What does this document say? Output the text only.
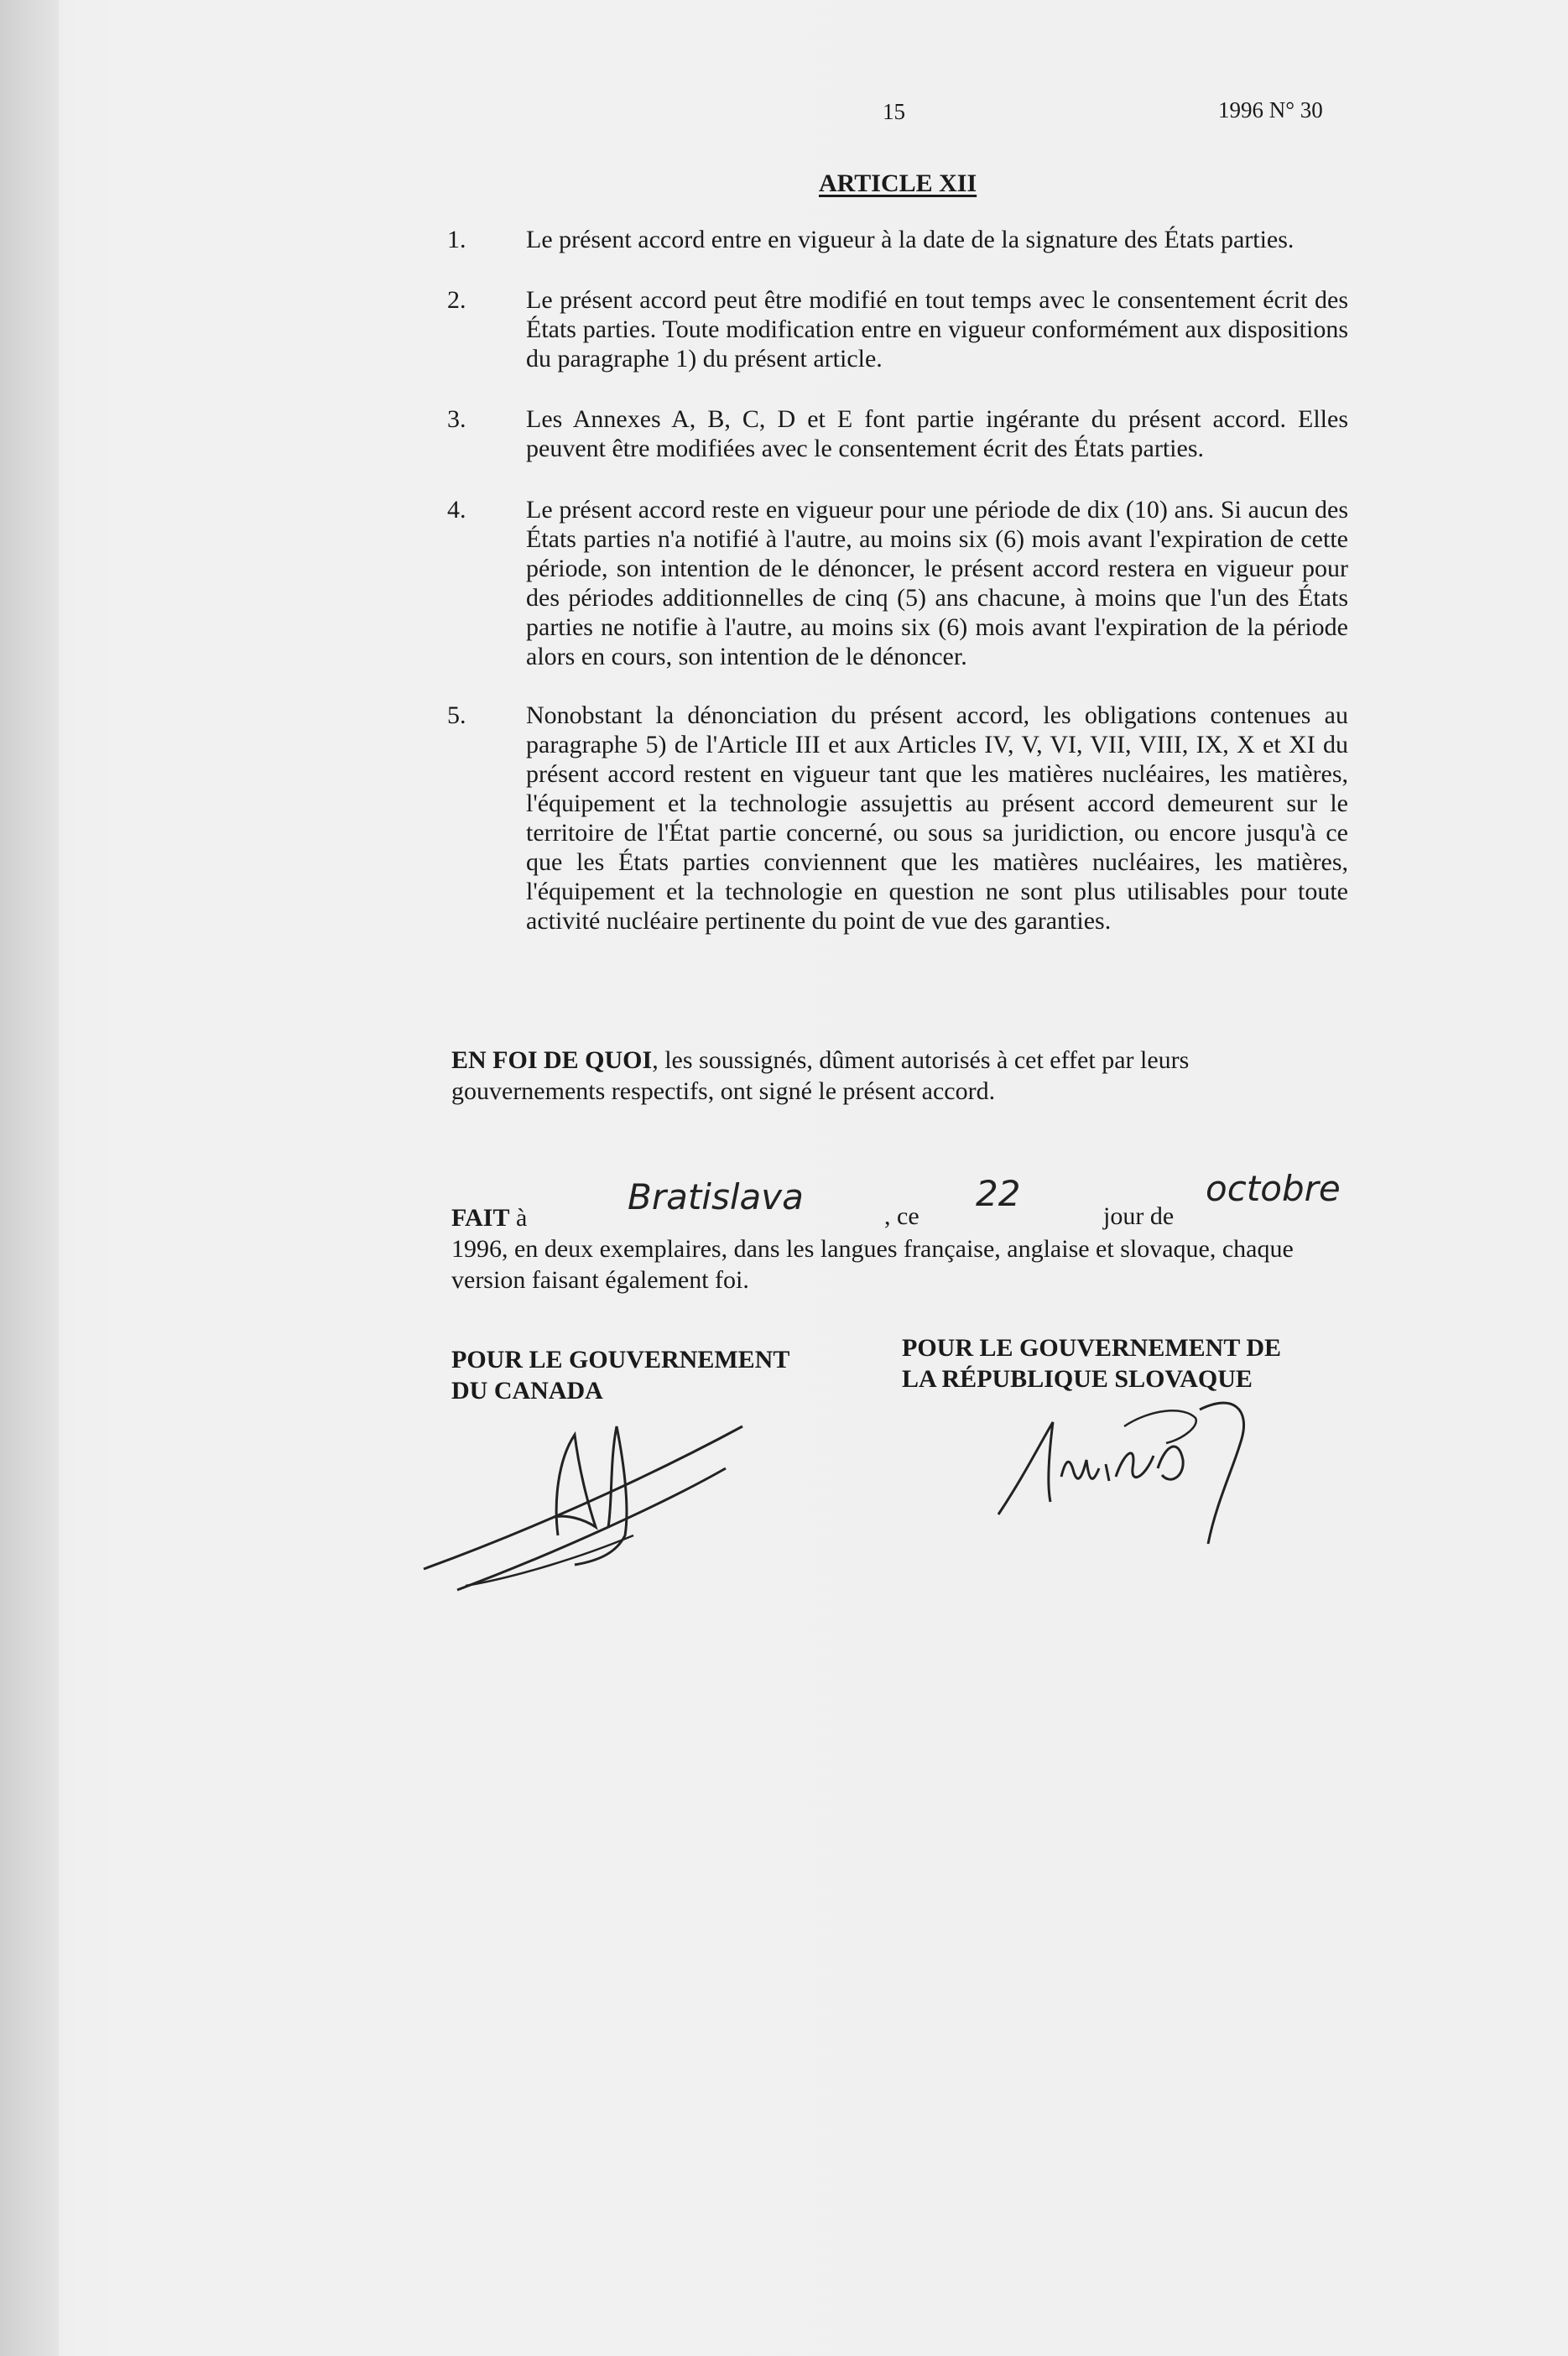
15	1996 N° 30
ARTICLE XII
1. Le présent accord entre en vigueur à la date de la signature des États parties.
2. Le présent accord peut être modifié en tout temps avec le consentement écrit des États parties. Toute modification entre en vigueur conformément aux dispositions du paragraphe 1) du présent article.
3. Les Annexes A, B, C, D et E font partie ingérante du présent accord. Elles peuvent être modifiées avec le consentement écrit des États parties.
4. Le présent accord reste en vigueur pour une période de dix (10) ans. Si aucun des États parties n'a notifié à l'autre, au moins six (6) mois avant l'expiration de cette période, son intention de le dénoncer, le présent accord restera en vigueur pour des périodes additionnelles de cinq (5) ans chacune, à moins que l'un des États parties ne notifie à l'autre, au moins six (6) mois avant l'expiration de la période alors en cours, son intention de le dénoncer.
5. Nonobstant la dénonciation du présent accord, les obligations contenues au paragraphe 5) de l'Article III et aux Articles IV, V, VI, VII, VIII, IX, X et XI du présent accord restent en vigueur tant que les matières nucléaires, les matières, l'équipement et la technologie assujettis au présent accord demeurent sur le territoire de l'État partie concerné, ou sous sa juridiction, ou encore jusqu'à ce que les États parties conviennent que les matières nucléaires, les matières, l'équipement et la technologie en question ne sont plus utilisables pour toute activité nucléaire pertinente du point de vue des garanties.
EN FOI DE QUOI, les soussignés, dûment autorisés à cet effet par leurs gouvernements respectifs, ont signé le présent accord.
FAIT à
Bratislava	, ce
22
jour de
octobre
1996, en deux exemplaires, dans les langues française, anglaise et slovaque, chaque version faisant également foi.
POUR LE GOUVERNEMENT
DU CANADA
POUR LE GOUVERNEMENT DE
LA RÉPUBLIQUE SLOVAQUE
